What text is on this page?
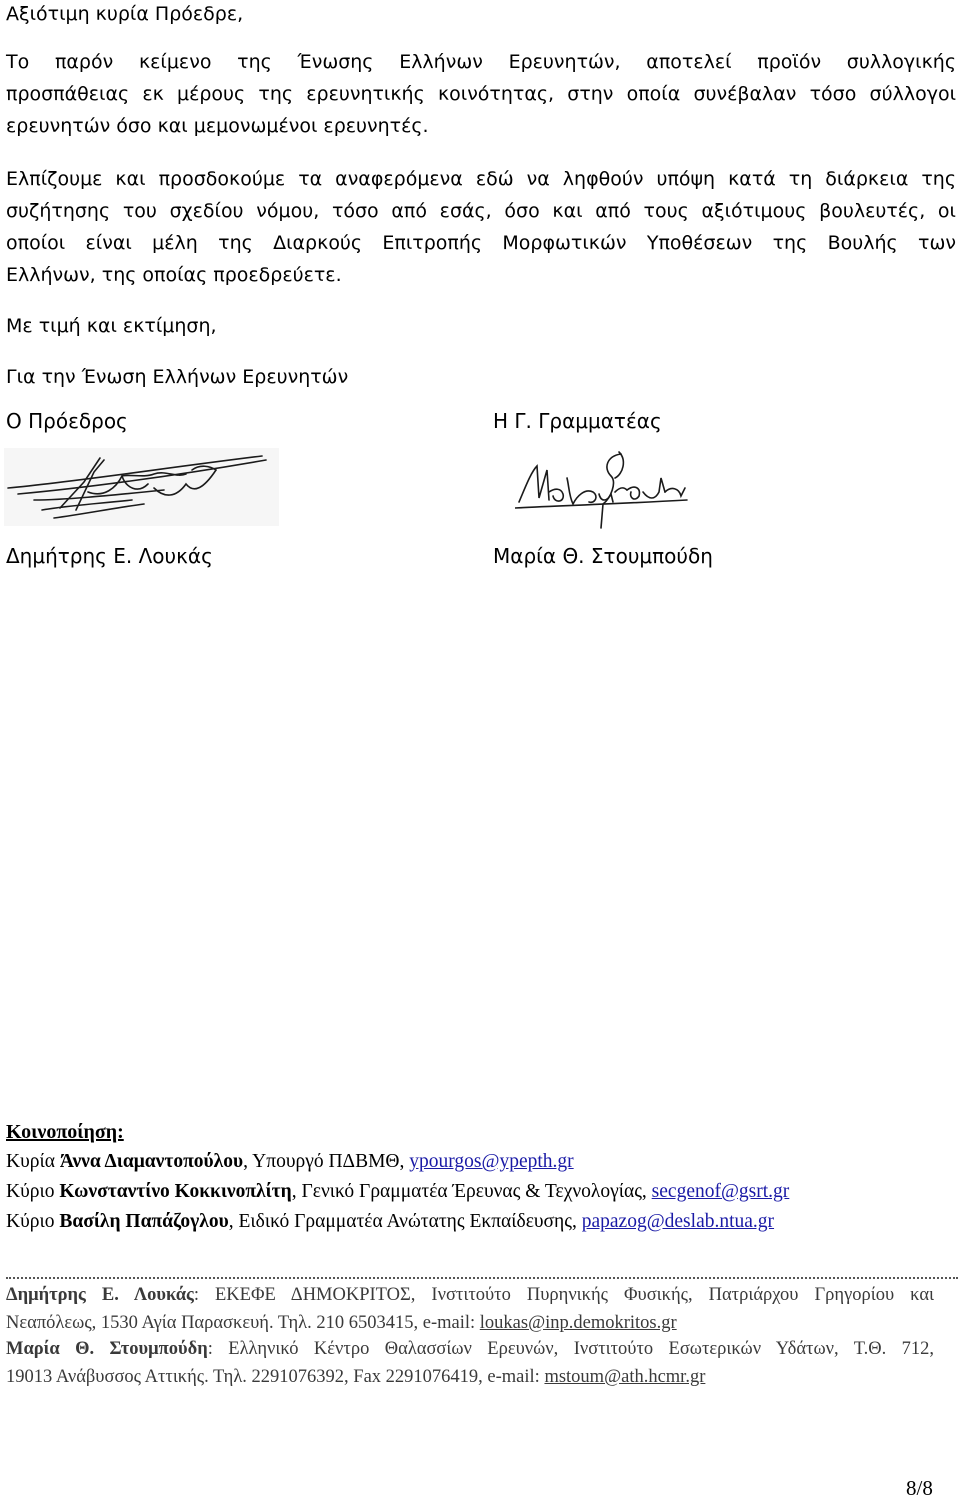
Αξιότιμη κυρία Πρόεδρε,
Το παρόν κείμενο της Ένωσης Ελλήνων Ερευνητών, αποτελεί προϊόν συλλογικής
προσπάθειας εκ μέρους της ερευνητικής κοινότητας, στην οποία συνέβαλαν τόσο σύλλογοι
ερευνητών όσο και μεμονωμένοι ερευνητές.
Ελπίζουμε και προσδοκούμε τα αναφερόμενα εδώ να ληφθούν υπόψη κατά τη διάρκεια της
συζήτησης του σχεδίου νόμου, τόσο από εσάς, όσο και από τους αξιότιμους βουλευτές, οι
οποίοι είναι μέλη της Διαρκούς Επιτροπής Μορφωτικών Υποθέσεων της Βουλής των
Ελλήνων, της οποίας προεδρεύετε.
Με τιμή και εκτίμηση,
Για την Ένωση Ελλήνων Ερευνητών
Ο Πρόεδρος	Η Γ. Γραμματέας
Δημήτρης Ε. Λουκάς	Μαρία Θ. Στουμπούδη
Κοινοποίηση:
Κυρία Άννα Διαμαντοπούλου, Υπουργό ΠΔΒΜΘ, ypourgos@ypepth.gr
Κύριο Κωνσταντίνο Κοκκινοπλίτη, Γενικό Γραμματέα Έρευνας & Τεχνολογίας, secgenof@gsrt.gr
Κύριο Βασίλη Παπάζογλου, Ειδικό Γραμματέα Ανώτατης Εκπαίδευσης, papazog@deslab.ntua.gr
Δημήτρης Ε. Λουκάς: ΕΚΕΦΕ ΔΗΜΟΚΡΙΤΟΣ, Ινστιτούτο Πυρηνικής Φυσικής, Πατριάρχου Γρηγορίου και
Νεαπόλεως, 1530 Αγία Παρασκευή. Τηλ. 210 6503415, e-mail: loukas@inp.demokritos.gr
Μαρία Θ. Στουμπούδη: Ελληνικό Κέντρο Θαλασσίων Ερευνών, Ινστιτούτο Εσωτερικών Υδάτων, Τ.Θ. 712,
19013 Ανάβυσσος Αττικής. Τηλ. 2291076392, Fax 2291076419, e-mail: mstoum@ath.hcmr.gr
8/8
